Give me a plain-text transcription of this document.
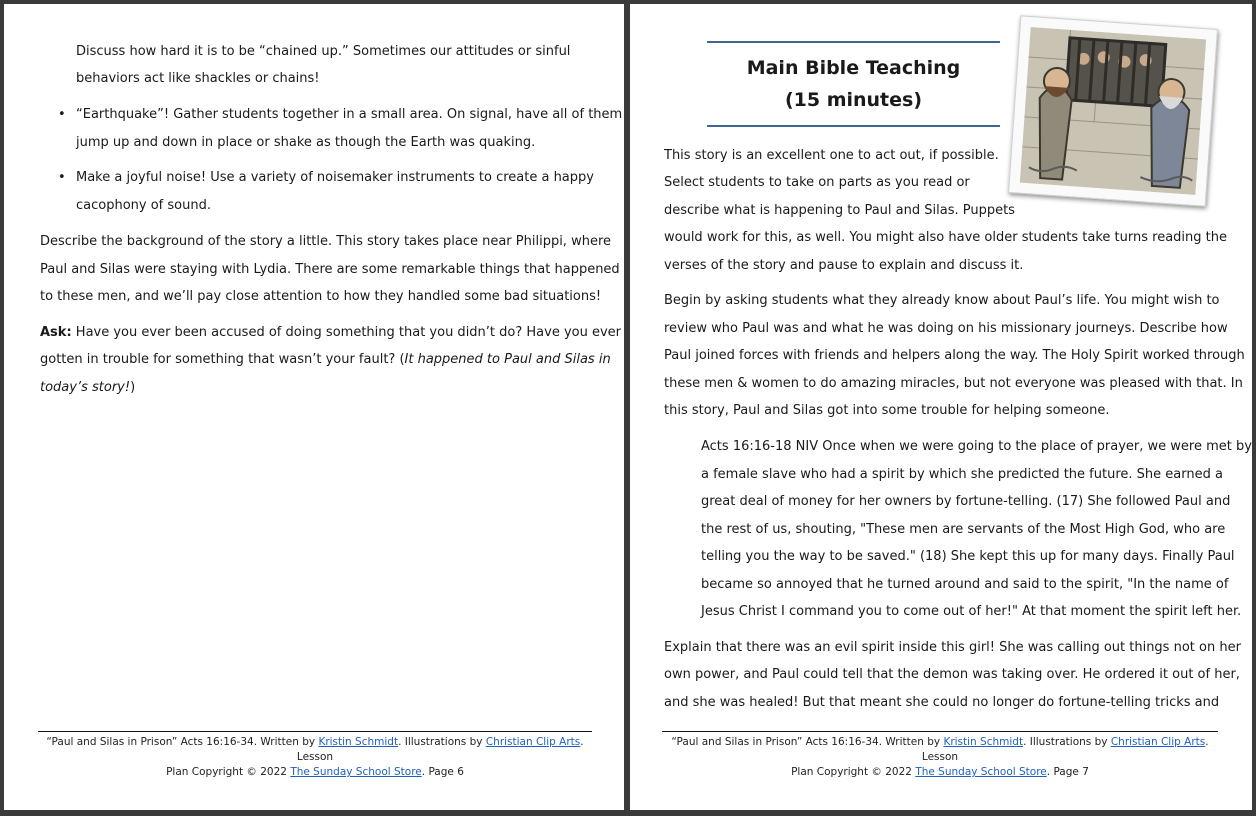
Discuss how hard it is to be “chained up.” Sometimes our attitudes or sinful

behaviors act like shackles or chains!

• “Earthquake”! Gather students together in a small area. On signal, have all of them
jump up and down in place or shake as though the Earth was quaking.
• Make a joyful noise! Use a variety of noisemaker instruments to create a happy
cacophony of sound.

Describe the background of the story a little. This story takes place near Philippi, where

Paul and Silas were staying with Lydia. There are some remarkable things that happened

to these men, and we’ll pay close attention to how they handled some bad situations!

Ask: Have you ever been accused of doing something that you didn’t do? Have you ever

gotten in trouble for something that wasn’t your fault? (It happened to Paul and Silas in

today’s story!)

“Paul and Silas in Prison” Acts 16:16-34. Written by Kristin Schmidt. Illustrations by Christian Clip Arts. Lesson
Plan Copyright © 2022 The Sunday School Store. Page 6
Main Bible Teaching
(15 minutes)

This story is an excellent one to act out, if possible.

Select students to take on parts as you read or

describe what is happening to Paul and Silas. Puppets

would work for this, as well. You might also have older students take turns reading the

verses of the story and pause to explain and discuss it.

Begin by asking students what they already know about Paul’s life. You might wish to

review who Paul was and what he was doing on his missionary journeys. Describe how

Paul joined forces with friends and helpers along the way. The Holy Spirit worked through

these men & women to do amazing miracles, but not everyone was pleased with that. In

this story, Paul and Silas got into some trouble for helping someone.

Acts 16:16-18 NIV Once when we were going to the place of prayer, we were met by
a female slave who had a spirit by which she predicted the future. She earned a
great deal of money for her owners by fortune-telling. (17) She followed Paul and
the rest of us, shouting, "These men are servants of the Most High God, who are
telling you the way to be saved." (18) She kept this up for many days. Finally Paul
became so annoyed that he turned around and said to the spirit, "In the name of
Jesus Christ I command you to come out of her!" At that moment the spirit left her.

Explain that there was an evil spirit inside this girl! She was calling out things not on her

own power, and Paul could tell that the demon was taking over. He ordered it out of her,

and she was healed! But that meant she could no longer do fortune-telling tricks and

“Paul and Silas in Prison” Acts 16:16-34. Written by Kristin Schmidt. Illustrations by Christian Clip Arts. Lesson
Plan Copyright © 2022 The Sunday School Store. Page 7
